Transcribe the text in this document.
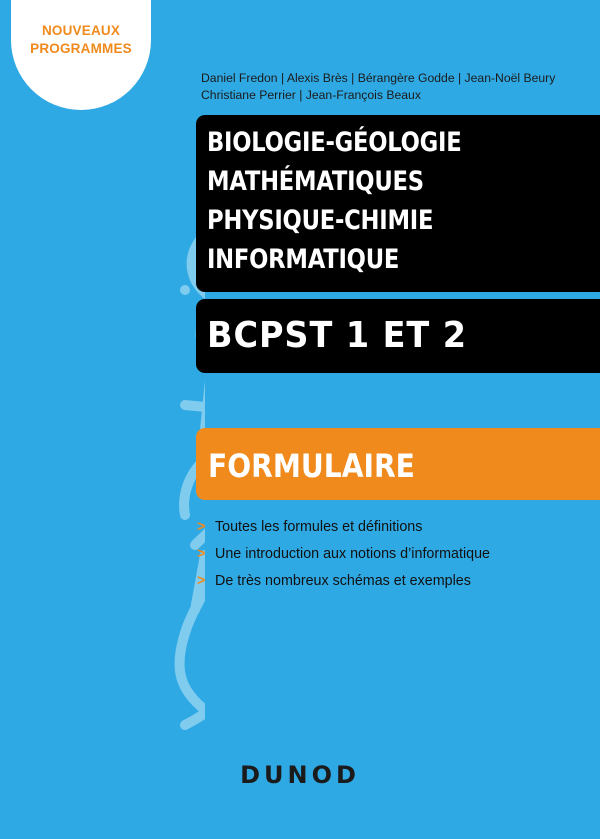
NOUVEAUX
PROGRAMMES
Daniel Fredon | Alexis Brès | Bérangère Godde | Jean-Noël Beury
Christiane Perrier | Jean-François Beaux
BIOLOGIE-GÉOLOGIE
MATHÉMATIQUES
PHYSIQUE-CHIMIE
INFORMATIQUE
BCPST 1 ET 2
FORMULAIRE
> Toutes les formules et définitions
> Une introduction aux notions d’informatique
> De très nombreux schémas et exemples
DUNOD
